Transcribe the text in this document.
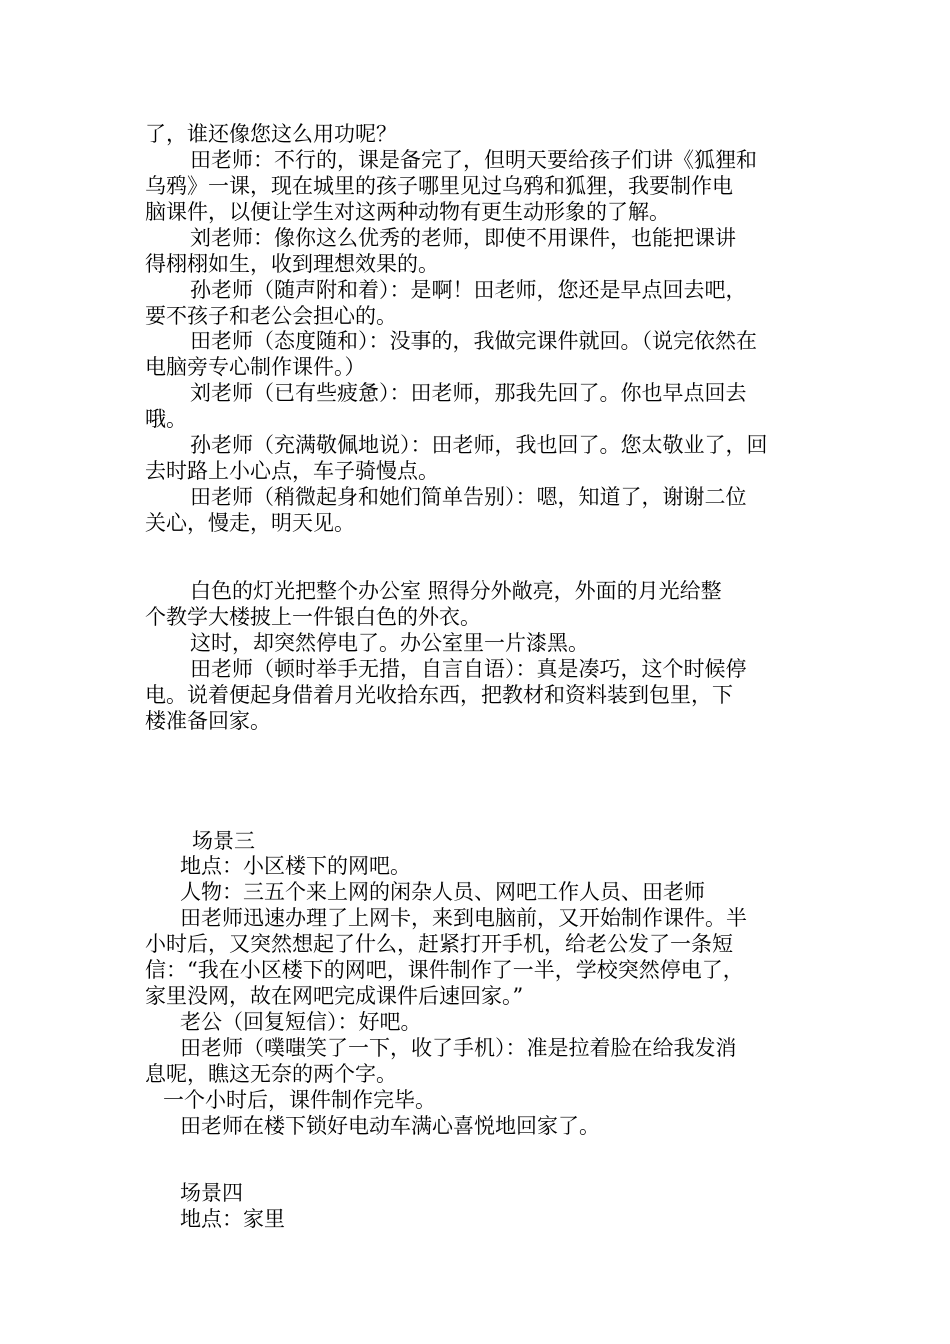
了，谁还像您这么用功呢？
田老师：不行的，课是备完了，但明天要给孩子们讲《狐狸和
乌鸦》一课，现在城里的孩子哪里见过乌鸦和狐狸，我要制作电
脑课件，以便让学生对这两种动物有更生动形象的了解。
刘老师：像你这么优秀的老师，即使不用课件，也能把课讲
得栩栩如生，收到理想效果的。
孙老师（随声附和着）：是啊！田老师，您还是早点回去吧，
要不孩子和老公会担心的。
田老师（态度随和）：没事的，我做完课件就回。（说完依然在
电脑旁专心制作课件。）
刘老师（已有些疲惫）：田老师，那我先回了。你也早点回去
哦。
孙老师（充满敬佩地说）：田老师，我也回了。您太敬业了，回
去时路上小心点，车子骑慢点。
田老师（稍微起身和她们简单告别）：嗯，知道了，谢谢二位
关心，慢走，明天见。
白色的灯光把整个办公室 照得分外敞亮，外面的月光给整
个教学大楼披上一件银白色的外衣。
这时，却突然停电了。办公室里一片漆黑。
田老师（顿时举手无措，自言自语）：真是凑巧，这个时候停
电。说着便起身借着月光收拾东西，把教材和资料装到包里，下
楼准备回家。
场景三
地点：小区楼下的网吧。
人物：三五个来上网的闲杂人员、网吧工作人员、田老师
田老师迅速办理了上网卡，来到电脑前，又开始制作课件。半
小时后，又突然想起了什么，赶紧打开手机，给老公发了一条短
信：“我在小区楼下的网吧，课件制作了一半，学校突然停电了，
家里没网，故在网吧完成课件后速回家。”
老公（回复短信）：好吧。
田老师（噗嗤笑了一下，收了手机）：准是拉着脸在给我发消
息呢，瞧这无奈的两个字。
一个小时后，课件制作完毕。
田老师在楼下锁好电动车满心喜悦地回家了。
场景四
地点：家里
